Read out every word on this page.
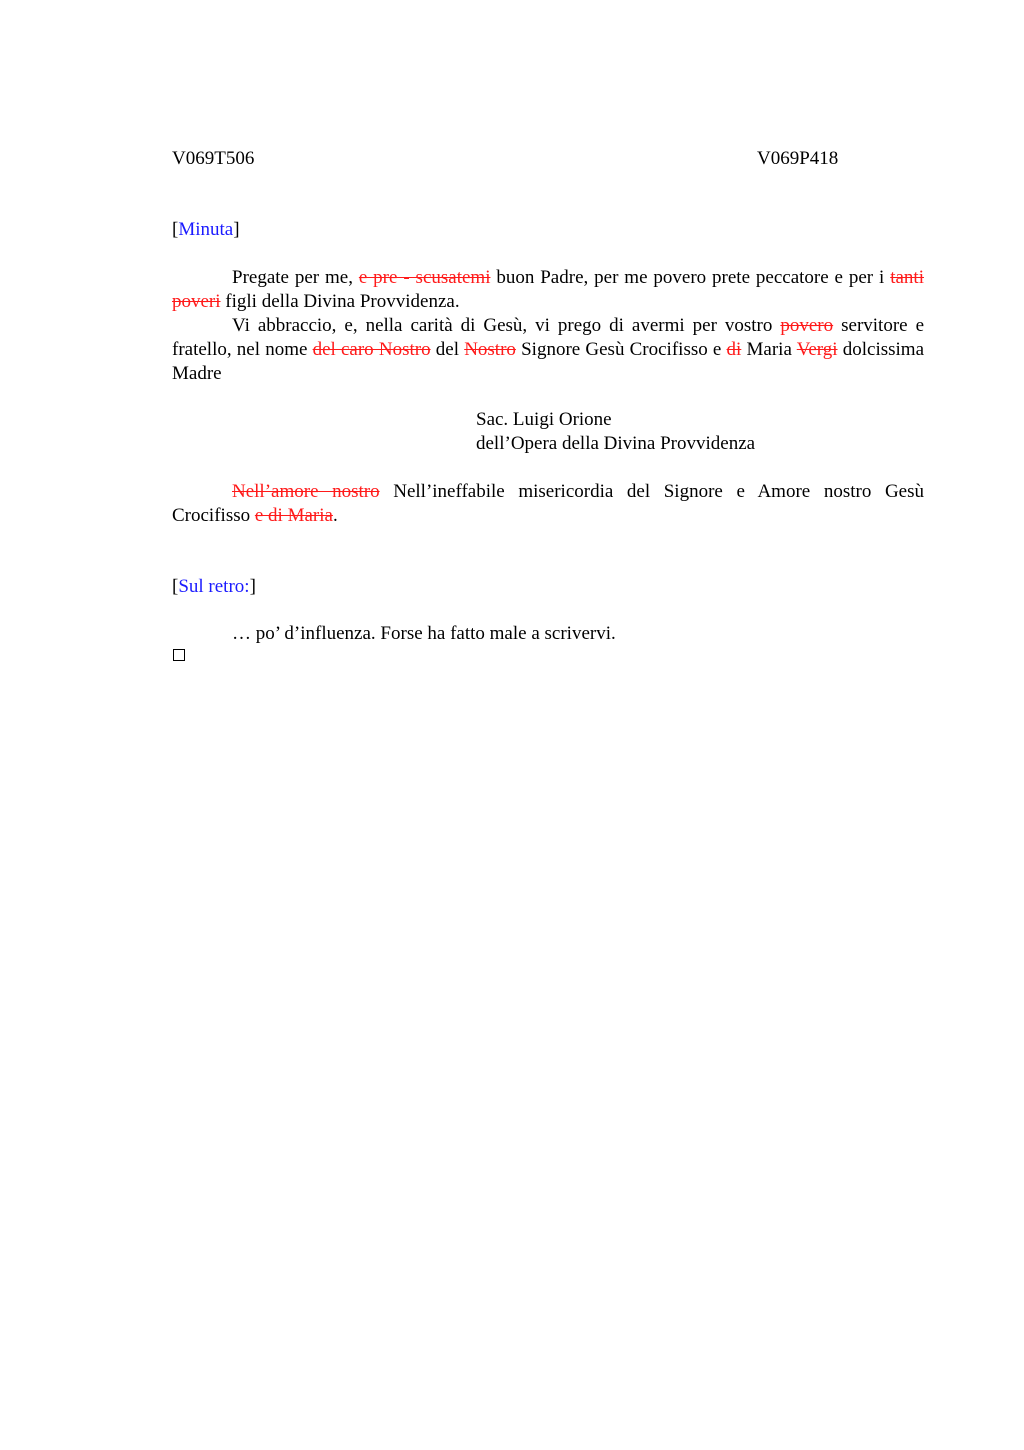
V069T506	V069P418
[Minuta]
Pregate per me, e pre - scusatemi buon Padre, per me povero prete peccatore e per i tanti poveri figli della Divina Provvidenza.
Vi abbraccio, e, nella carità di Gesù, vi prego di avermi per vostro povero servitore e fratello, nel nome del caro Nostro del Nostro Signore Gesù Crocifisso e di Maria Vergi dolcissima Madre
Sac. Luigi Orione
dell’Opera della Divina Provvidenza
Nell’amore nostro Nell’ineffabile misericordia del Signore e Amore nostro Gesù Crocifisso e di Maria.
[Sul retro:]
… po’ d’influenza. Forse ha fatto male a scrivervi.
